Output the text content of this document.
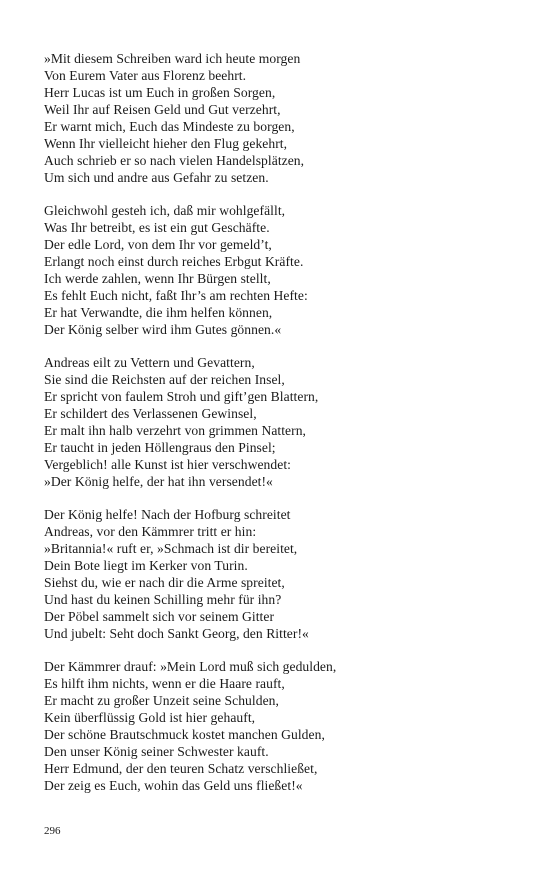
»Mit diesem Schreiben ward ich heute morgen
Von Eurem Vater aus Florenz beehrt.
Herr Lucas ist um Euch in großen Sorgen,
Weil Ihr auf Reisen Geld und Gut verzehrt,
Er warnt mich, Euch das Mindeste zu borgen,
Wenn Ihr vielleicht hieher den Flug gekehrt,
Auch schrieb er so nach vielen Handelsplätzen,
Um sich und andre aus Gefahr zu setzen.
Gleichwohl gesteh ich, daß mir wohlgefällt,
Was Ihr betreibt, es ist ein gut Geschäfte.
Der edle Lord, von dem Ihr vor gemeld’t,
Erlangt noch einst durch reiches Erbgut Kräfte.
Ich werde zahlen, wenn Ihr Bürgen stellt,
Es fehlt Euch nicht, faßt Ihr’s am rechten Hefte:
Er hat Verwandte, die ihm helfen können,
Der König selber wird ihm Gutes gönnen.«
Andreas eilt zu Vettern und Gevattern,
Sie sind die Reichsten auf der reichen Insel,
Er spricht von faulem Stroh und gift’gen Blattern,
Er schildert des Verlassenen Gewinsel,
Er malt ihn halb verzehrt von grimmen Nattern,
Er taucht in jeden Höllengraus den Pinsel;
Vergeblich! alle Kunst ist hier verschwendet:
»Der König helfe, der hat ihn versendet!«
Der König helfe! Nach der Hofburg schreitet
Andreas, vor den Kämmrer tritt er hin:
»Britannia!« ruft er, »Schmach ist dir bereitet,
Dein Bote liegt im Kerker von Turin.
Siehst du, wie er nach dir die Arme spreitet,
Und hast du keinen Schilling mehr für ihn?
Der Pöbel sammelt sich vor seinem Gitter
Und jubelt: Seht doch Sankt Georg, den Ritter!«
Der Kämmrer drauf: »Mein Lord muß sich gedulden,
Es hilft ihm nichts, wenn er die Haare rauft,
Er macht zu großer Unzeit seine Schulden,
Kein überflüssig Gold ist hier gehauft,
Der schöne Brautschmuck kostet manchen Gulden,
Den unser König seiner Schwester kauft.
Herr Edmund, der den teuren Schatz verschließet,
Der zeig es Euch, wohin das Geld uns fließet!«
296
